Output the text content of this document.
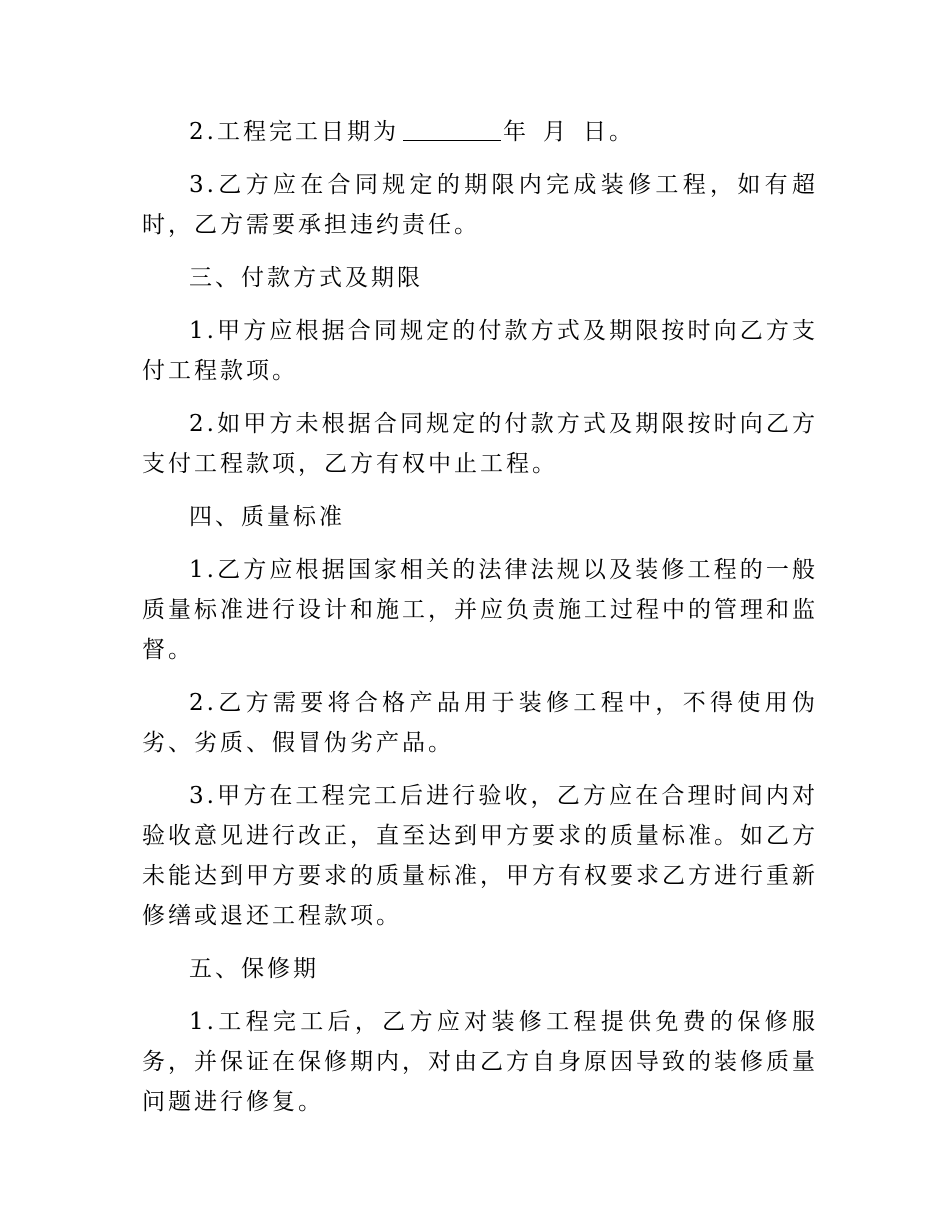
2.工程完工日期为	年 月 日。

3.乙方应在合同规定的期限内完成装修工程，如有超时，乙方需要承担违约责任。

三、付款方式及期限

1.甲方应根据合同规定的付款方式及期限按时向乙方支付工程款项。

2.如甲方未根据合同规定的付款方式及期限按时向乙方支付工程款项，乙方有权中止工程。

四、质量标准

1.乙方应根据国家相关的法律法规以及装修工程的一般质量标准进行设计和施工，并应负责施工过程中的管理和监督。

2.乙方需要将合格产品用于装修工程中，不得使用伪劣、劣质、假冒伪劣产品。

3.甲方在工程完工后进行验收，乙方应在合理时间内对验收意见进行改正，直至达到甲方要求的质量标准。如乙方未能达到甲方要求的质量标准，甲方有权要求乙方进行重新修缮或退还工程款项。

五、保修期

1.工程完工后，乙方应对装修工程提供免费的保修服务，并保证在保修期内，对由乙方自身原因导致的装修质量问题进行修复。
